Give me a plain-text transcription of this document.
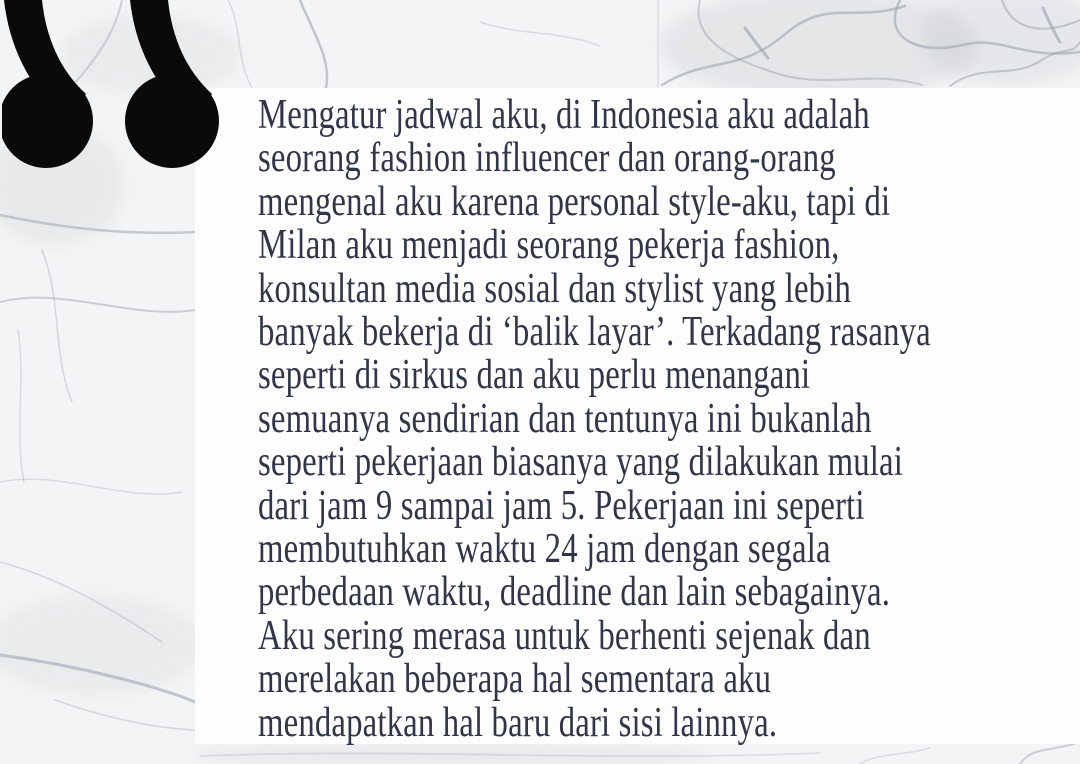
Mengatur jadwal aku, di Indonesia aku adalah
seorang fashion influencer dan orang-orang
mengenal aku karena personal style-aku, tapi di
Milan aku menjadi seorang pekerja fashion,
konsultan media sosial dan stylist yang lebih
banyak bekerja di ‘balik layar’. Terkadang rasanya
seperti di sirkus dan aku perlu menangani
semuanya sendirian dan tentunya ini bukanlah
seperti pekerjaan biasanya yang dilakukan mulai
dari jam 9 sampai jam 5. Pekerjaan ini seperti
membutuhkan waktu 24 jam dengan segala
perbedaan waktu, deadline dan lain sebagainya.
Aku sering merasa untuk berhenti sejenak dan
merelakan beberapa hal sementara aku
mendapatkan hal baru dari sisi lainnya.
